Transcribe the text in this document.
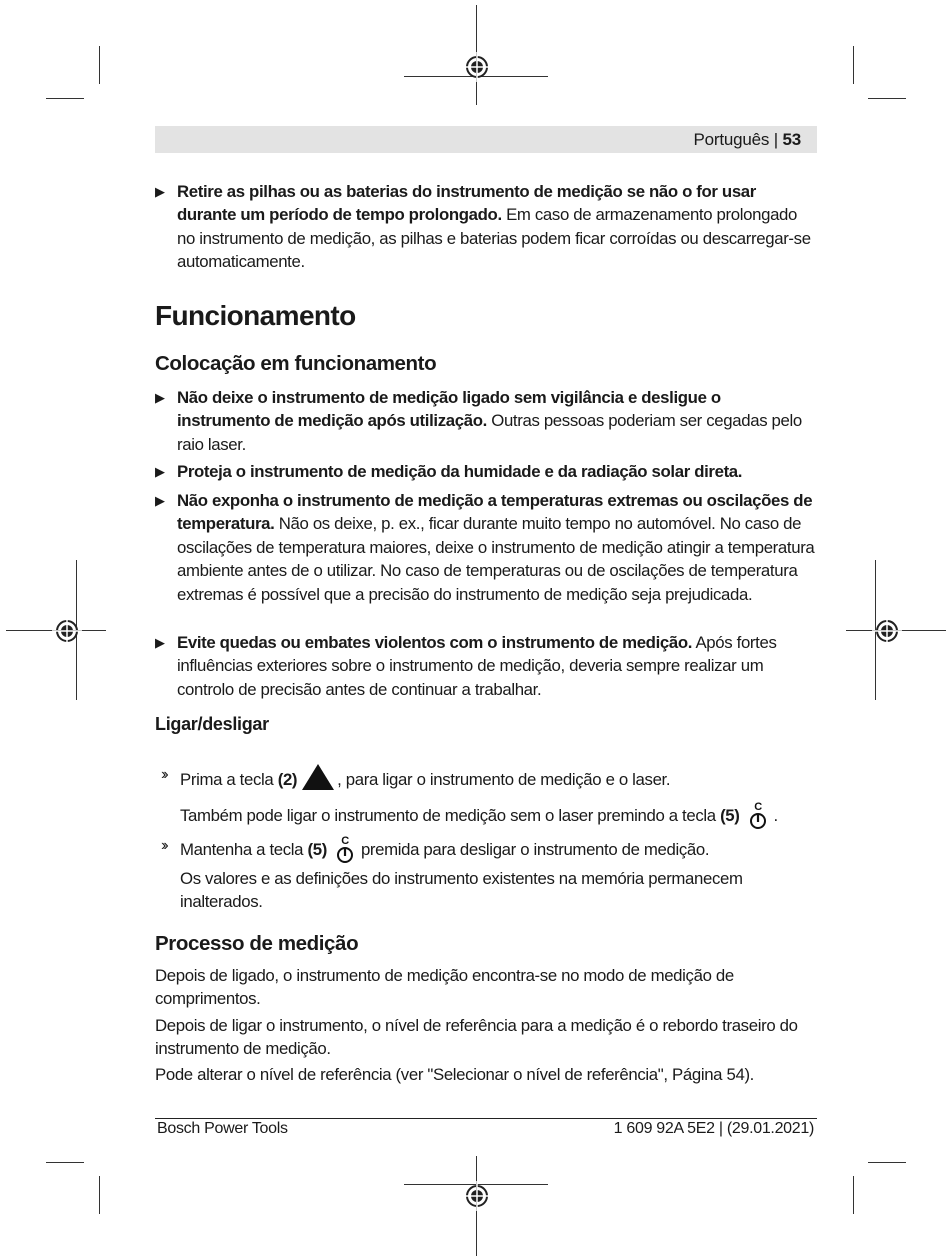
Português | 53
▶ Retire as pilhas ou as baterias do instrumento de medição se não o for usar durante um período de tempo prolongado. Em caso de armazenamento prolongado no instrumento de medição, as pilhas e baterias podem ficar corroídas ou descarregar-se automaticamente.
Funcionamento
Colocação em funcionamento
▶ Não deixe o instrumento de medição ligado sem vigilância e desligue o instrumento de medição após utilização. Outras pessoas poderiam ser cegadas pelo raio laser.
▶ Proteja o instrumento de medição da humidade e da radiação solar direta.
▶ Não exponha o instrumento de medição a temperaturas extremas ou oscilações de temperatura. Não os deixe, p. ex., ficar durante muito tempo no automóvel. No caso de oscilações de temperatura maiores, deixe o instrumento de medição atingir a temperatura ambiente antes de o utilizar. No caso de temperaturas ou de oscilações de temperatura extremas é possível que a precisão do instrumento de medição seja prejudicada.
▶ Evite quedas ou embates violentos com o instrumento de medição. Após fortes influências exteriores sobre o instrumento de medição, deveria sempre realizar um controlo de precisão antes de continuar a trabalhar.
Ligar/desligar
›› Prima a tecla (2) , para ligar o instrumento de medição e o laser.
Também pode ligar o instrumento de medição sem o laser premindo a tecla (5) C .
›› Mantenha a tecla (5) C premida para desligar o instrumento de medição.
Os valores e as definições do instrumento existentes na memória permanecem inalterados.
Processo de medição
Depois de ligado, o instrumento de medição encontra-se no modo de medição de comprimentos.
Depois de ligar o instrumento, o nível de referência para a medição é o rebordo traseiro do instrumento de medição.
Pode alterar o nível de referência (ver "Selecionar o nível de referência", Página 54).
Bosch Power Tools	1 609 92A 5E2 | (29.01.2021)
